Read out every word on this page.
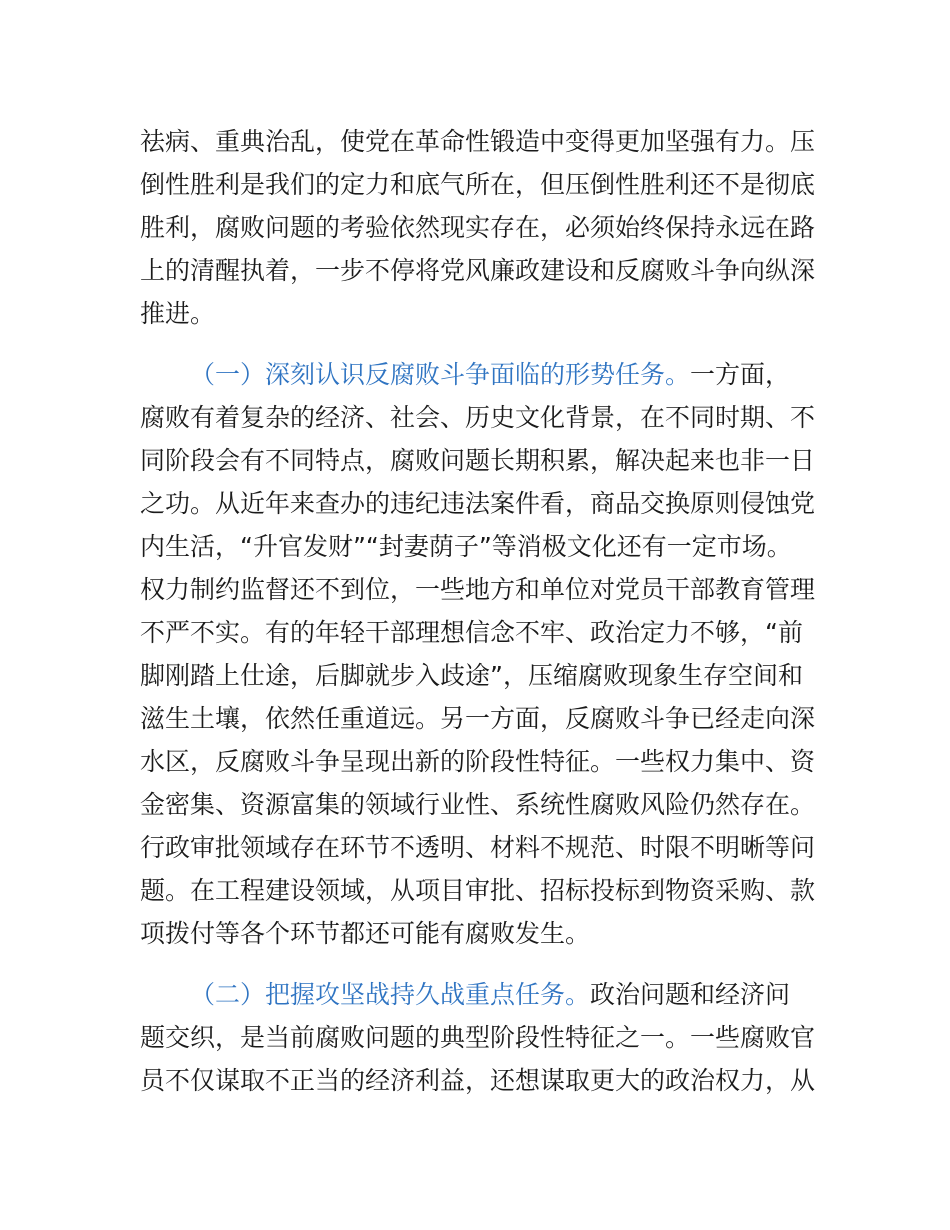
祛病、重典治乱，使党在革命性锻造中变得更加坚强有力。压

倒性胜利是我们的定力和底气所在，但压倒性胜利还不是彻底

胜利，腐败问题的考验依然现实存在，必须始终保持永远在路

上的清醒执着，一步不停将党风廉政建设和反腐败斗争向纵深

推进。

（一）深刻认识反腐败斗争面临的形势任务。一方面，

腐败有着复杂的经济、社会、历史文化背景，在不同时期、不

同阶段会有不同特点，腐败问题长期积累，解决起来也非一日

之功。从近年来查办的违纪违法案件看，商品交换原则侵蚀党

内生活，“升官发财”“封妻荫子”等消极文化还有一定市场。

权力制约监督还不到位，一些地方和单位对党员干部教育管理

不严不实。有的年轻干部理想信念不牢、政治定力不够，“前

脚刚踏上仕途，后脚就步入歧途”，压缩腐败现象生存空间和

滋生土壤，依然任重道远。另一方面，反腐败斗争已经走向深

水区，反腐败斗争呈现出新的阶段性特征。一些权力集中、资

金密集、资源富集的领域行业性、系统性腐败风险仍然存在。

行政审批领域存在环节不透明、材料不规范、时限不明晰等问

题。在工程建设领域，从项目审批、招标投标到物资采购、款

项拨付等各个环节都还可能有腐败发生。

（二）把握攻坚战持久战重点任务。政治问题和经济问

题交织，是当前腐败问题的典型阶段性特征之一。一些腐败官

员不仅谋取不正当的经济利益，还想谋取更大的政治权力，从
